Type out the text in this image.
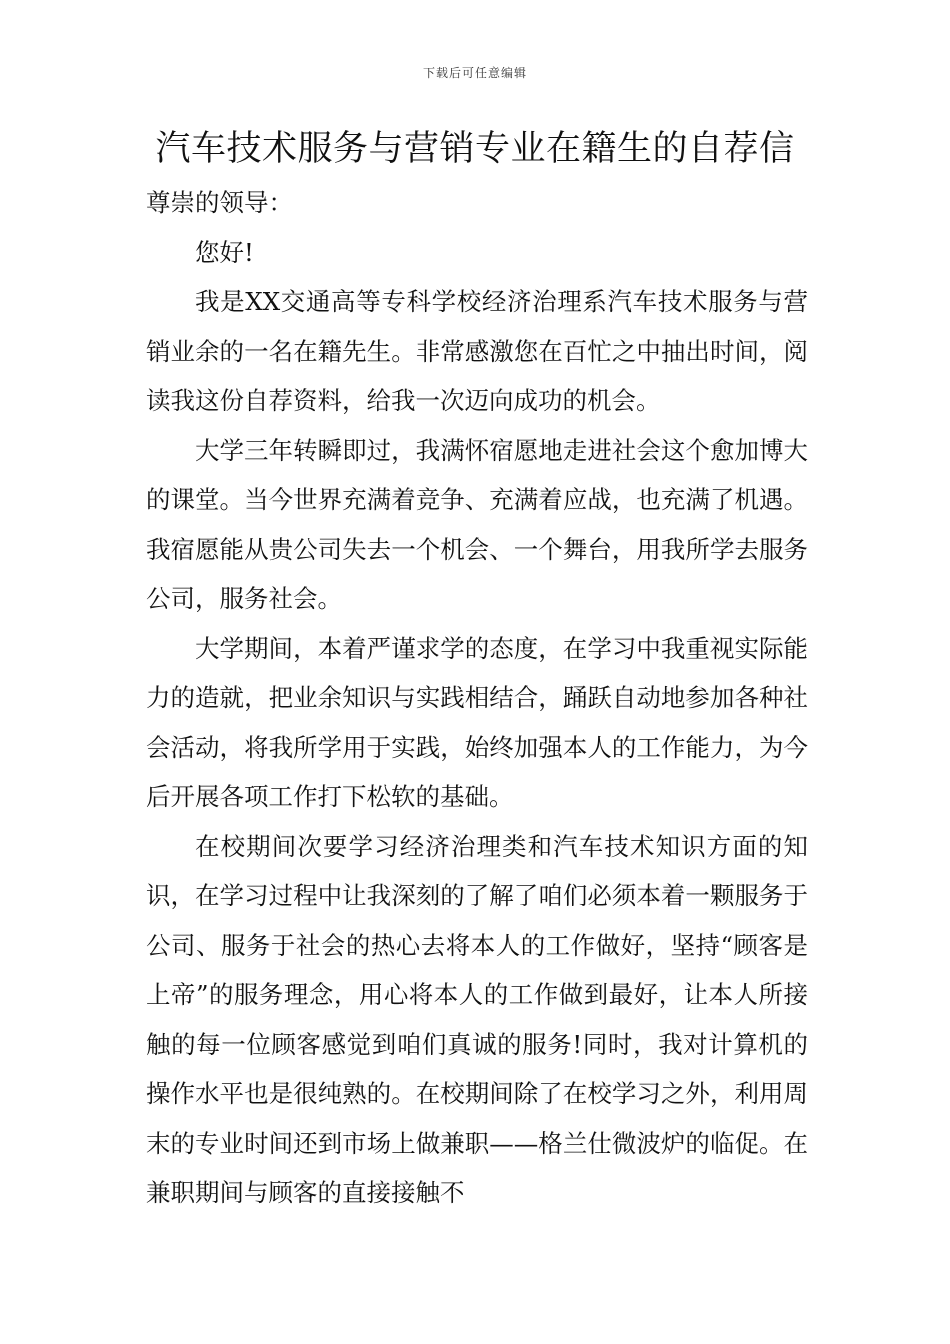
下载后可任意编辑
汽车技术服务与营销专业在籍生的自荐信

尊崇的领导：

您好!

我是XX交通高等专科学校经济治理系汽车技术服务与营销业余的一名在籍先生。非常感激您在百忙之中抽出时间，阅读我这份自荐资料，给我一次迈向成功的机会。

大学三年转瞬即过，我满怀宿愿地走进社会这个愈加博大的课堂。当今世界充满着竞争、充满着应战，也充满了机遇。我宿愿能从贵公司失去一个机会、一个舞台，用我所学去服务公司，服务社会。

大学期间，本着严谨求学的态度，在学习中我重视实际能力的造就，把业余知识与实践相结合，踊跃自动地参加各种社会活动，将我所学用于实践，始终加强本人的工作能力，为今后开展各项工作打下松软的基础。

在校期间次要学习经济治理类和汽车技术知识方面的知识，在学习过程中让我深刻的了解了咱们必须本着一颗服务于公司、服务于社会的热心去将本人的工作做好，坚持“顾客是上帝”的服务理念，用心将本人的工作做到最好，让本人所接触的每一位顾客感觉到咱们真诚的服务!同时，我对计算机的操作水平也是很纯熟的。在校期间除了在校学习之外，利用周末的专业时间还到市场上做兼职——格兰仕微波炉的临促。在兼职期间与顾客的直接接触不
